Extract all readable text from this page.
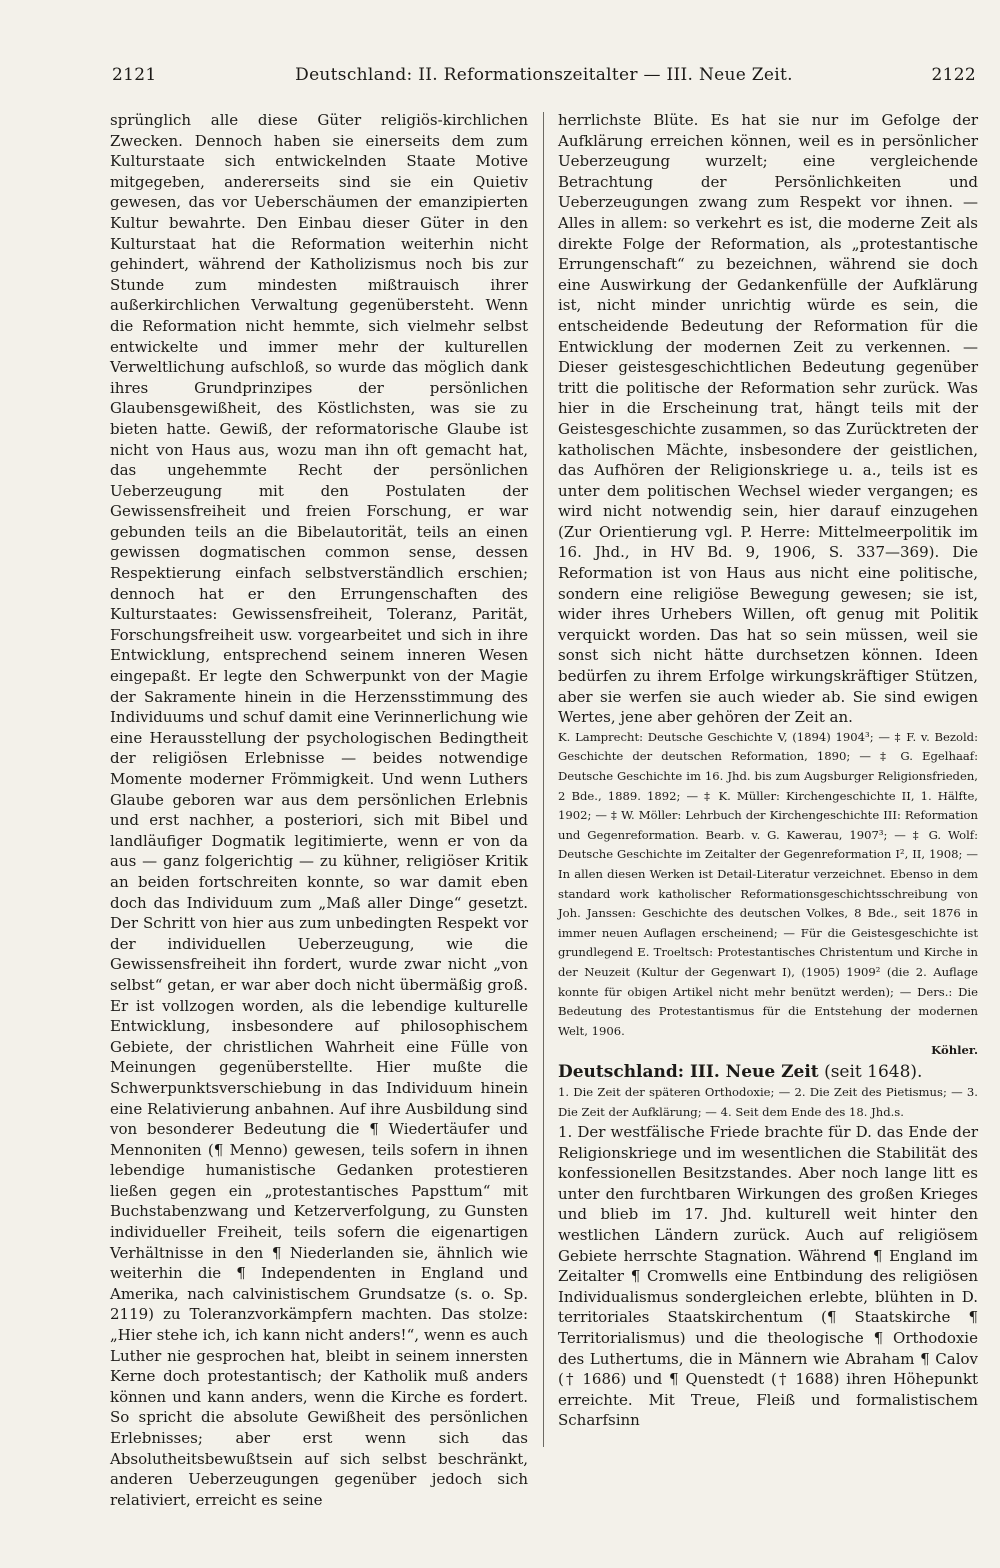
2121	Deutschland: II. Reformationszeitalter — III. Neue Zeit.	2122

sprünglich alle diese Güter religiös-kirchlichen Zwecken. Dennoch haben sie einerseits dem zum Kulturstaate sich entwickelnden Staate Motive mitgegeben, andererseits sind sie ein Quietiv gewesen, das vor Ueberschäumen der emanzipierten Kultur bewahrte. Den Einbau dieser Güter in den Kulturstaat hat die Reformation weiterhin nicht gehindert, während der Katholizismus noch bis zur Stunde zum mindesten mißtrauisch ihrer außerkirchlichen Verwaltung gegenübersteht. Wenn die Reformation nicht hemmte, sich vielmehr selbst entwickelte und immer mehr der kulturellen Verweltlichung aufschloß, so wurde das möglich dank ihres Grundprinzipes der persönlichen Glaubensgewißheit, des Köstlichsten, was sie zu bieten hatte. Gewiß, der reformatorische Glaube ist nicht von Haus aus, wozu man ihn oft gemacht hat, das ungehemmte Recht der persönlichen Ueberzeugung mit den Postulaten der Gewissensfreiheit und freien Forschung, er war gebunden teils an die Bibelautorität, teils an einen gewissen dogmatischen common sense, dessen Respektierung einfach selbstverständlich erschien; dennoch hat er den Errungenschaften des Kulturstaates: Gewissensfreiheit, Toleranz, Parität, Forschungsfreiheit usw. vorgearbeitet und sich in ihre Entwicklung, entsprechend seinem inneren Wesen eingepaßt. Er legte den Schwerpunkt von der Magie der Sakramente hinein in die Herzensstimmung des Individuums und schuf damit eine Verinnerlichung wie eine Herausstellung der psychologischen Bedingtheit der religiösen Erlebnisse — beides notwendige Momente moderner Frömmigkeit. Und wenn Luthers Glaube geboren war aus dem persönlichen Erlebnis und erst nachher, a posteriori, sich mit Bibel und landläufiger Dogmatik legitimierte, wenn er von da aus — ganz folgerichtig — zu kühner, religiöser Kritik an beiden fortschreiten konnte, so war damit eben doch das Individuum zum „Maß aller Dinge“ gesetzt. Der Schritt von hier aus zum unbedingten Respekt vor der individuellen Ueberzeugung, wie die Gewissensfreiheit ihn fordert, wurde zwar nicht „von selbst“ getan, er war aber doch nicht übermäßig groß. Er ist vollzogen worden, als die lebendige kulturelle Entwicklung, insbesondere auf philosophischem Gebiete, der christlichen Wahrheit eine Fülle von Meinungen gegenüberstellte. Hier mußte die Schwerpunktsverschiebung in das Individuum hinein eine Relativierung anbahnen. Auf ihre Ausbildung sind von besonderer Bedeutung die ¶ Wiedertäufer und Mennoniten (¶ Menno) gewesen, teils sofern in ihnen lebendige humanistische Gedanken protestieren ließen gegen ein „protestantisches Papsttum“ mit Buchstabenzwang und Ketzerverfolgung, zu Gunsten individueller Freiheit, teils sofern die eigenartigen Verhältnisse in den ¶ Niederlanden sie, ähnlich wie weiterhin die ¶ Independenten in England und Amerika, nach calvinistischem Grundsatze (s. o. Sp. 2119) zu Toleranzvorkämpfern machten. Das stolze: „Hier stehe ich, ich kann nicht anders!“, wenn es auch Luther nie gesprochen hat, bleibt in seinem innersten Kerne doch protestantisch; der Katholik muß anders können und kann anders, wenn die Kirche es fordert. So spricht die absolute Gewißheit des persönlichen Erlebnisses; aber erst wenn sich das Absolutheitsbewußtsein auf sich selbst beschränkt, anderen Ueberzeugungen gegenüber jedoch sich relativiert, erreicht es seine

herrlichste Blüte. Es hat sie nur im Gefolge der Aufklärung erreichen können, weil es in persönlicher Ueberzeugung wurzelt; eine vergleichende Betrachtung der Persönlichkeiten und Ueberzeugungen zwang zum Respekt vor ihnen. — Alles in allem: so verkehrt es ist, die moderne Zeit als direkte Folge der Reformation, als „protestantische Errungenschaft“ zu bezeichnen, während sie doch eine Auswirkung der Gedankenfülle der Aufklärung ist, nicht minder unrichtig würde es sein, die entscheidende Bedeutung der Reformation für die Entwicklung der modernen Zeit zu verkennen. — Dieser geistesgeschichtlichen Bedeutung gegenüber tritt die politische der Reformation sehr zurück. Was hier in die Erscheinung trat, hängt teils mit der Geistesgeschichte zusammen, so das Zurücktreten der katholischen Mächte, insbesondere der geistlichen, das Aufhören der Religionskriege u. a., teils ist es unter dem politischen Wechsel wieder vergangen; es wird nicht notwendig sein, hier darauf einzugehen (Zur Orientierung vgl. P. Herre: Mittelmeerpolitik im 16. Jhd., in HV Bd. 9, 1906, S. 337—369). Die Reformation ist von Haus aus nicht eine politische, sondern eine religiöse Bewegung gewesen; sie ist, wider ihres Urhebers Willen, oft genug mit Politik verquickt worden. Das hat so sein müssen, weil sie sonst sich nicht hätte durchsetzen können. Ideen bedürfen zu ihrem Erfolge wirkungskräftiger Stützen, aber sie werfen sie auch wieder ab. Sie sind ewigen Wertes, jene aber gehören der Zeit an.

K. Lamprecht: Deutsche Geschichte V, (1894) 1904³; — ‡ F. v. Bezold: Geschichte der deutschen Reformation, 1890; — ‡ G. Egelhaaf: Deutsche Geschichte im 16. Jhd. bis zum Augsburger Religionsfrieden, 2 Bde., 1889. 1892; — ‡ K. Müller: Kirchengeschichte II, 1. Hälfte, 1902; — ‡ W. Möller: Lehrbuch der Kirchengeschichte III: Reformation und Gegenreformation. Bearb. v. G. Kawerau, 1907³; — ‡ G. Wolf: Deutsche Geschichte im Zeitalter der Gegenreformation I², II, 1908; — In allen diesen Werken ist Detail-Literatur verzeichnet. Ebenso in dem standard work katholischer Reformationsgeschichtsschreibung von Joh. Janssen: Geschichte des deutschen Volkes, 8 Bde., seit 1876 in immer neuen Auflagen erscheinend; — Für die Geistesgeschichte ist grundlegend E. Troeltsch: Protestantisches Christentum und Kirche in der Neuzeit (Kultur der Gegenwart I), (1905) 1909² (die 2. Auflage konnte für obigen Artikel nicht mehr benützt werden); — Ders.: Die Bedeutung des Protestantismus für die Entstehung der modernen Welt, 1906.

Köhler.

Deutschland: III. Neue Zeit (seit 1648).

1. Die Zeit der späteren Orthodoxie; — 2. Die Zeit des Pietismus; — 3. Die Zeit der Aufklärung; — 4. Seit dem Ende des 18. Jhd.s.

1. Der westfälische Friede brachte für D. das Ende der Religionskriege und im wesentlichen die Stabilität des konfessionellen Besitzstandes. Aber noch lange litt es unter den furchtbaren Wirkungen des großen Krieges und blieb im 17. Jhd. kulturell weit hinter den westlichen Ländern zurück. Auch auf religiösem Gebiete herrschte Stagnation. Während ¶ England im Zeitalter ¶ Cromwells eine Entbindung des religiösen Individualismus sondergleichen erlebte, blühten in D. territoriales Staatskirchentum (¶ Staatskirche ¶ Territorialismus) und die theologische ¶ Orthodoxie des Luthertums, die in Männern wie Abraham ¶ Calov († 1686) und ¶ Quenstedt († 1688) ihren Höhepunkt erreichte. Mit Treue, Fleiß und formalistischem Scharfsinn
